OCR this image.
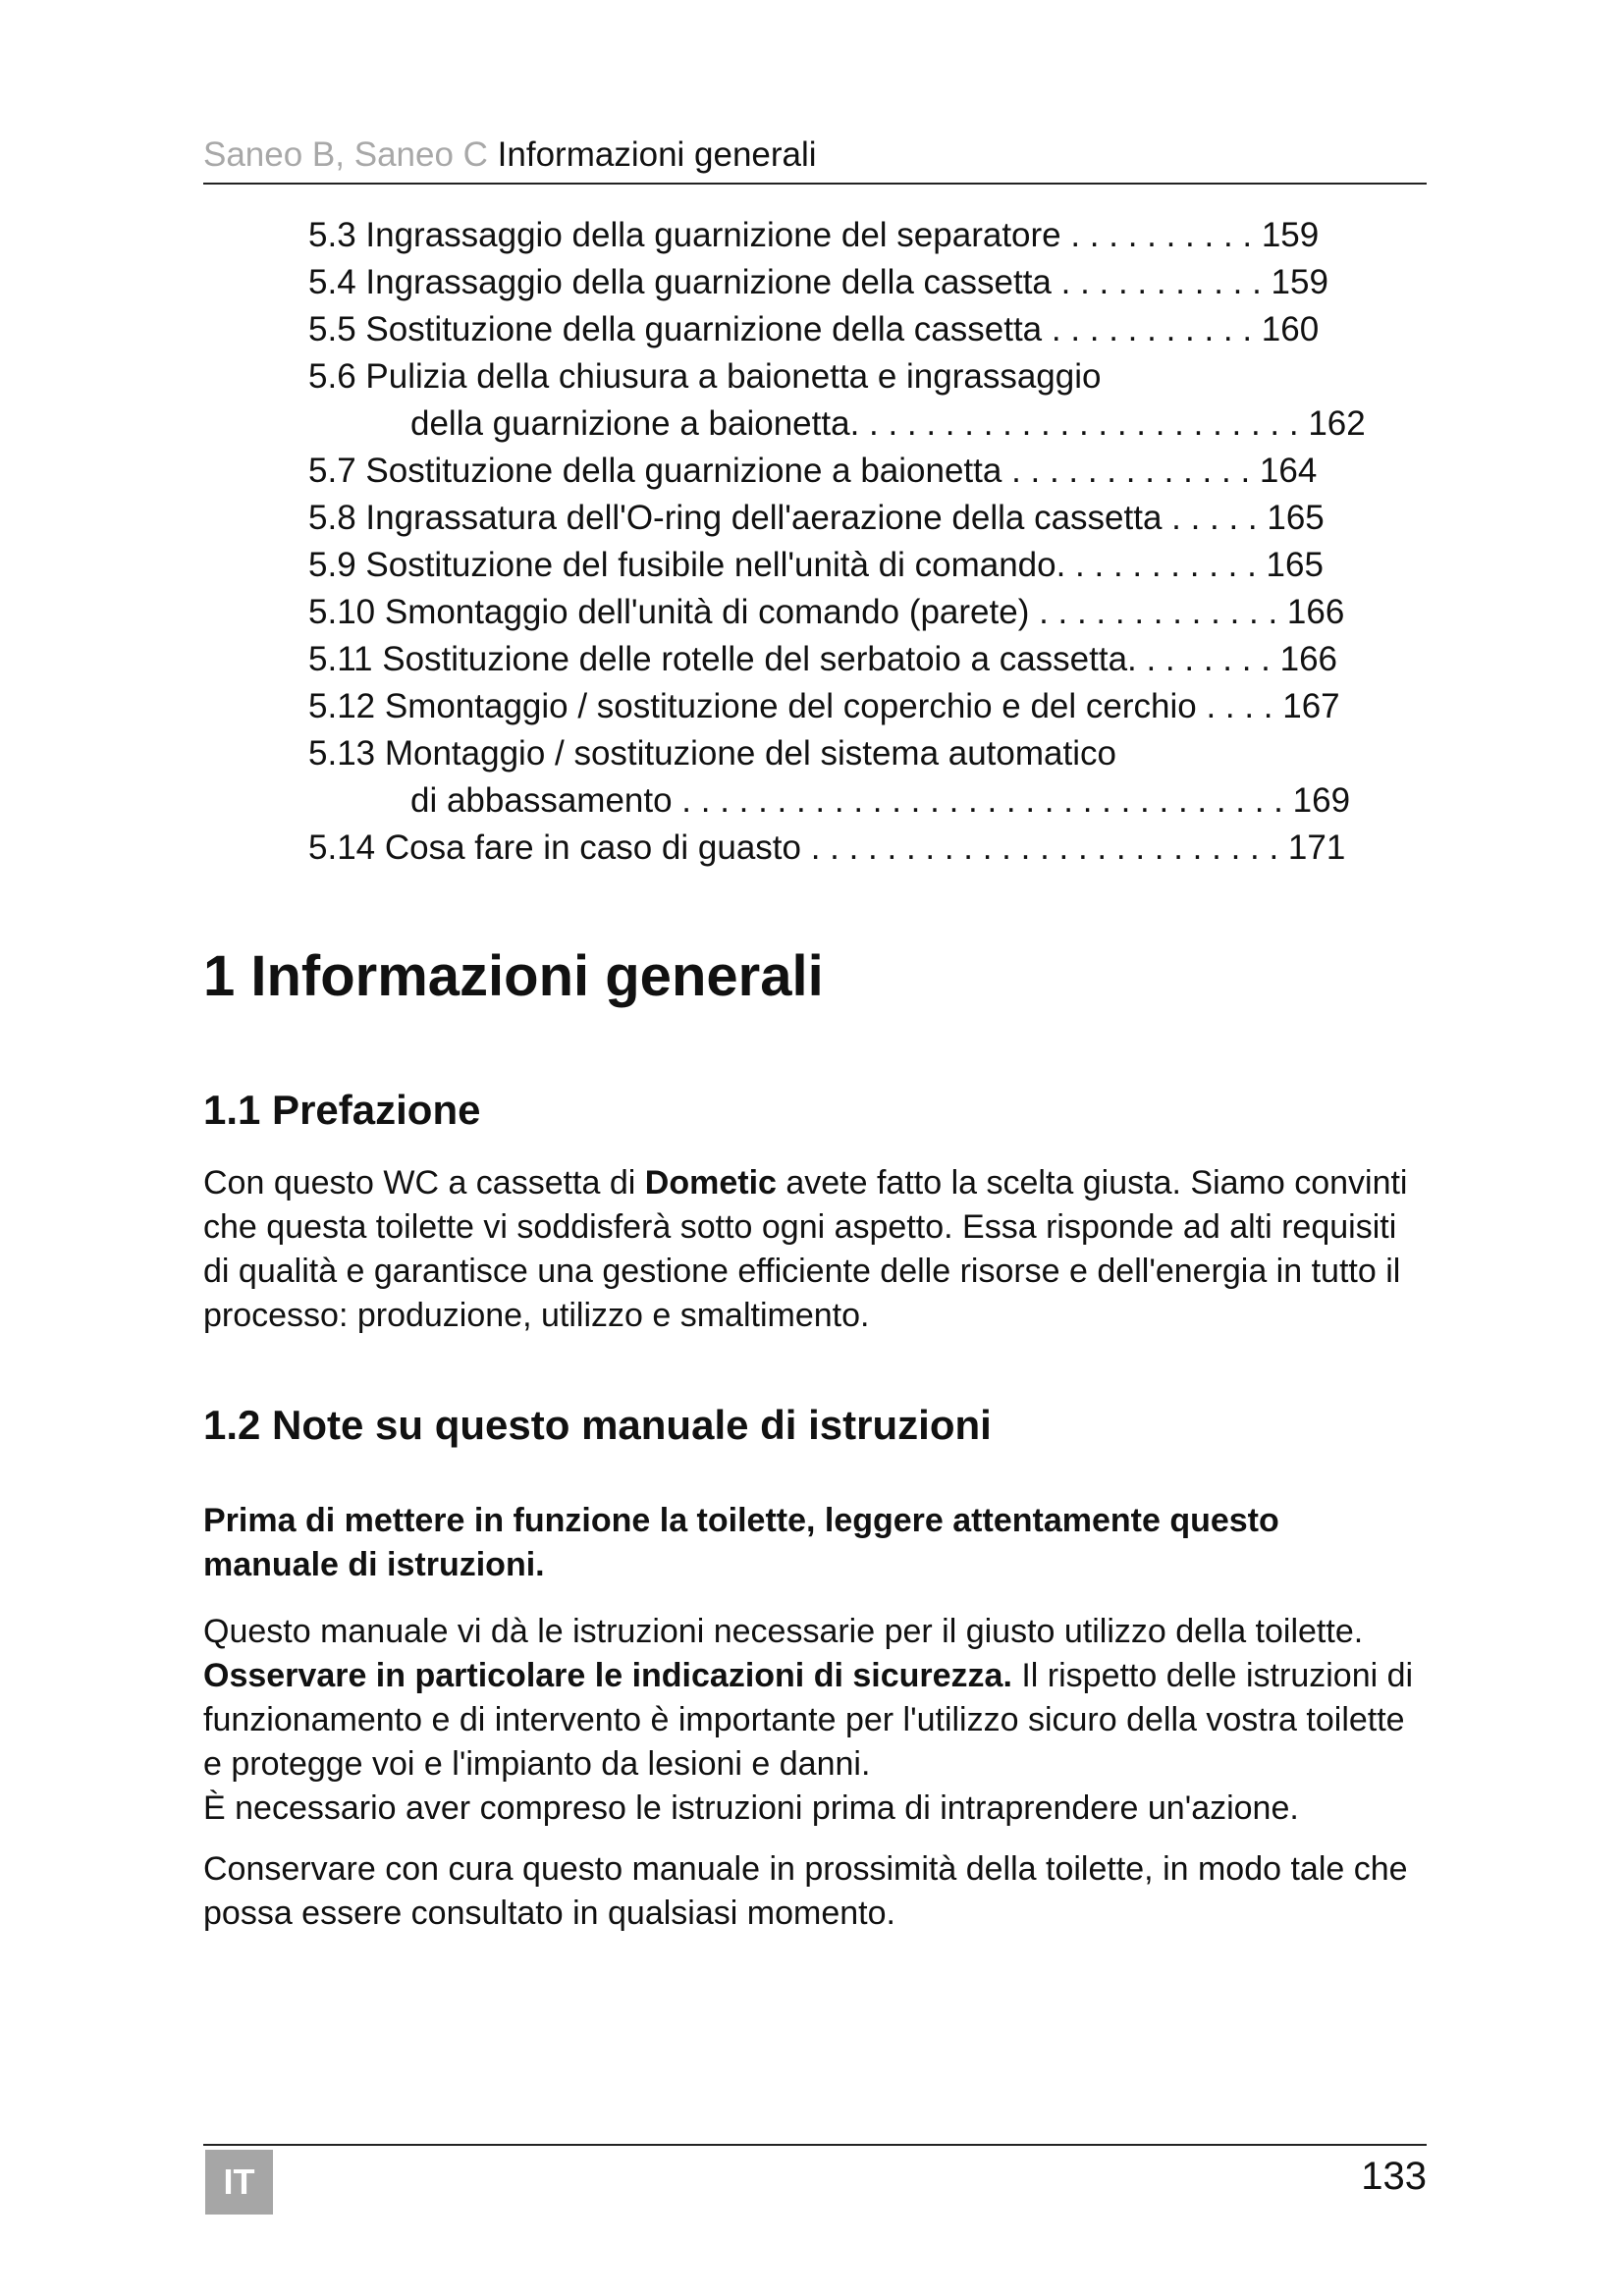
Saneo B, Saneo C Informazioni generali
5.3 Ingrassaggio della guarnizione del separatore . . . . . . . . . . 159
5.4 Ingrassaggio della guarnizione della cassetta . . . . . . . . . . . 159
5.5 Sostituzione della guarnizione della cassetta . . . . . . . . . . . 160
5.6 Pulizia della chiusura a baionetta e ingrassaggio
della guarnizione a baionetta. . . . . . . . . . . . . . . . . . . . . . . . 162
5.7 Sostituzione della guarnizione a baionetta . . . . . . . . . . . . . 164
5.8 Ingrassatura dell'O-ring dell'aerazione della cassetta . . . . . 165
5.9 Sostituzione del fusibile nell'unità di comando. . . . . . . . . . . 165
5.10 Smontaggio dell'unità di comando (parete) . . . . . . . . . . . . . 166
5.11 Sostituzione delle rotelle del serbatoio a cassetta. . . . . . . . 166
5.12 Smontaggio / sostituzione del coperchio e del cerchio . . . . 167
5.13 Montaggio / sostituzione del sistema automatico
di abbassamento . . . . . . . . . . . . . . . . . . . . . . . . . . . . . . . . 169
5.14 Cosa fare in caso di guasto . . . . . . . . . . . . . . . . . . . . . . . . . 171
1 Informazioni generali
1.1 Prefazione

Con questo WC a cassetta di Dometic avete fatto la scelta giusta. Siamo convinti che questa toilette vi soddisferà sotto ogni aspetto. Essa risponde ad alti requisiti di qualità e garantisce una gestione efficiente delle risorse e dell'energia in tutto il processo: produzione, utilizzo e smaltimento.

1.2 Note su questo manuale di istruzioni

Prima di mettere in funzione la toilette, leggere attentamente questo manuale di istruzioni.

Questo manuale vi dà le istruzioni necessarie per il giusto utilizzo della toilette. Osservare in particolare le indicazioni di sicurezza. Il rispetto delle istruzioni di funzionamento e di intervento è importante per l'utilizzo sicuro della vostra toilette e protegge voi e l'impianto da lesioni e danni.
È necessario aver compreso le istruzioni prima di intraprendere un'azione.

Conservare con cura questo manuale in prossimità della toilette, in modo tale che possa essere consultato in qualsiasi momento.

IT	133
